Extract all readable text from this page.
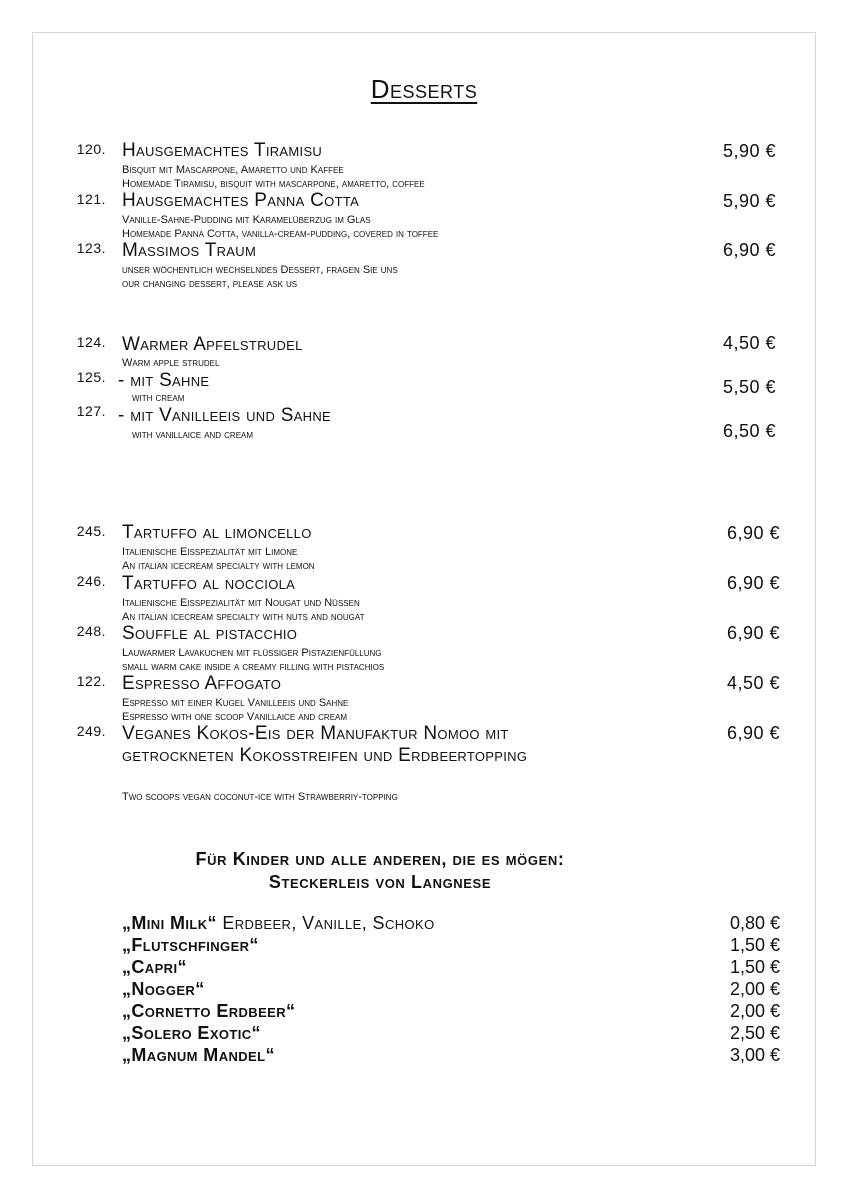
Desserts
120. Hausgemachtes Tiramisu
Bisquit mit Mascarpone, Amaretto und Kaffee
Homemade Tiramisu, bisquit with mascarpone, amaretto, coffee
5,90 €
121. Hausgemachtes Panna Cotta
Vanille-Sahne-Pudding mit Karamelüberzug im Glas
Homemade Panna Cotta, vanilla-cream-pudding, covered in toffee
5,90 €
123. Massimos Traum
unser wöchentlich wechselndes Dessert, fragen Sie uns
our changing dessert, please ask us
6,90 €
124. Warmer Apfelstrudel
Warm apple strudel
4,50 €
125. - mit Sahne
with cream
5,50 €
127. - mit Vanilleeis und Sahne
with vanillaice and cream	6,50 €
245. Tartuffo al limoncello
Italienische Eisspezialität mit Limone
An italian icecream specialty with lemon
6,90 €
246. Tartuffo al nocciola
Italienische Eisspezialität mit Nougat und Nüssen
An italian icecream specialty with nuts and nougat
6,90 €
248. Souffle al pistacchio
Lauwarmer Lavakuchen mit flüssiger Pistazienfüllung
small warm cake inside a creamy filling with pistachios
6,90 €
122. Espresso Affogato
Espresso mit einer Kugel Vanilleeis und Sahne
Espresso with one scoop Vanillaice and cream
4,50 €
249. Veganes Kokos-Eis der Manufaktur Nomoo mit getrockneten Kokosstreifen und Erdbeertopping
Two scoops vegan coconut-ice with Strawberriy-topping
6,90 €
Für Kinder und alle anderen, die es mögen:
Steckerleis von Langnese
„Mini Milk“ Erdbeer, Vanille, Schoko	0,80 €
„Flutschfinger“	1,50 €
„Capri“	1,50 €
„Nogger“	2,00 €
„Cornetto Erdbeer“	2,00 €
„Solero Exotic“	2,50 €
„Magnum Mandel“	3,00 €
